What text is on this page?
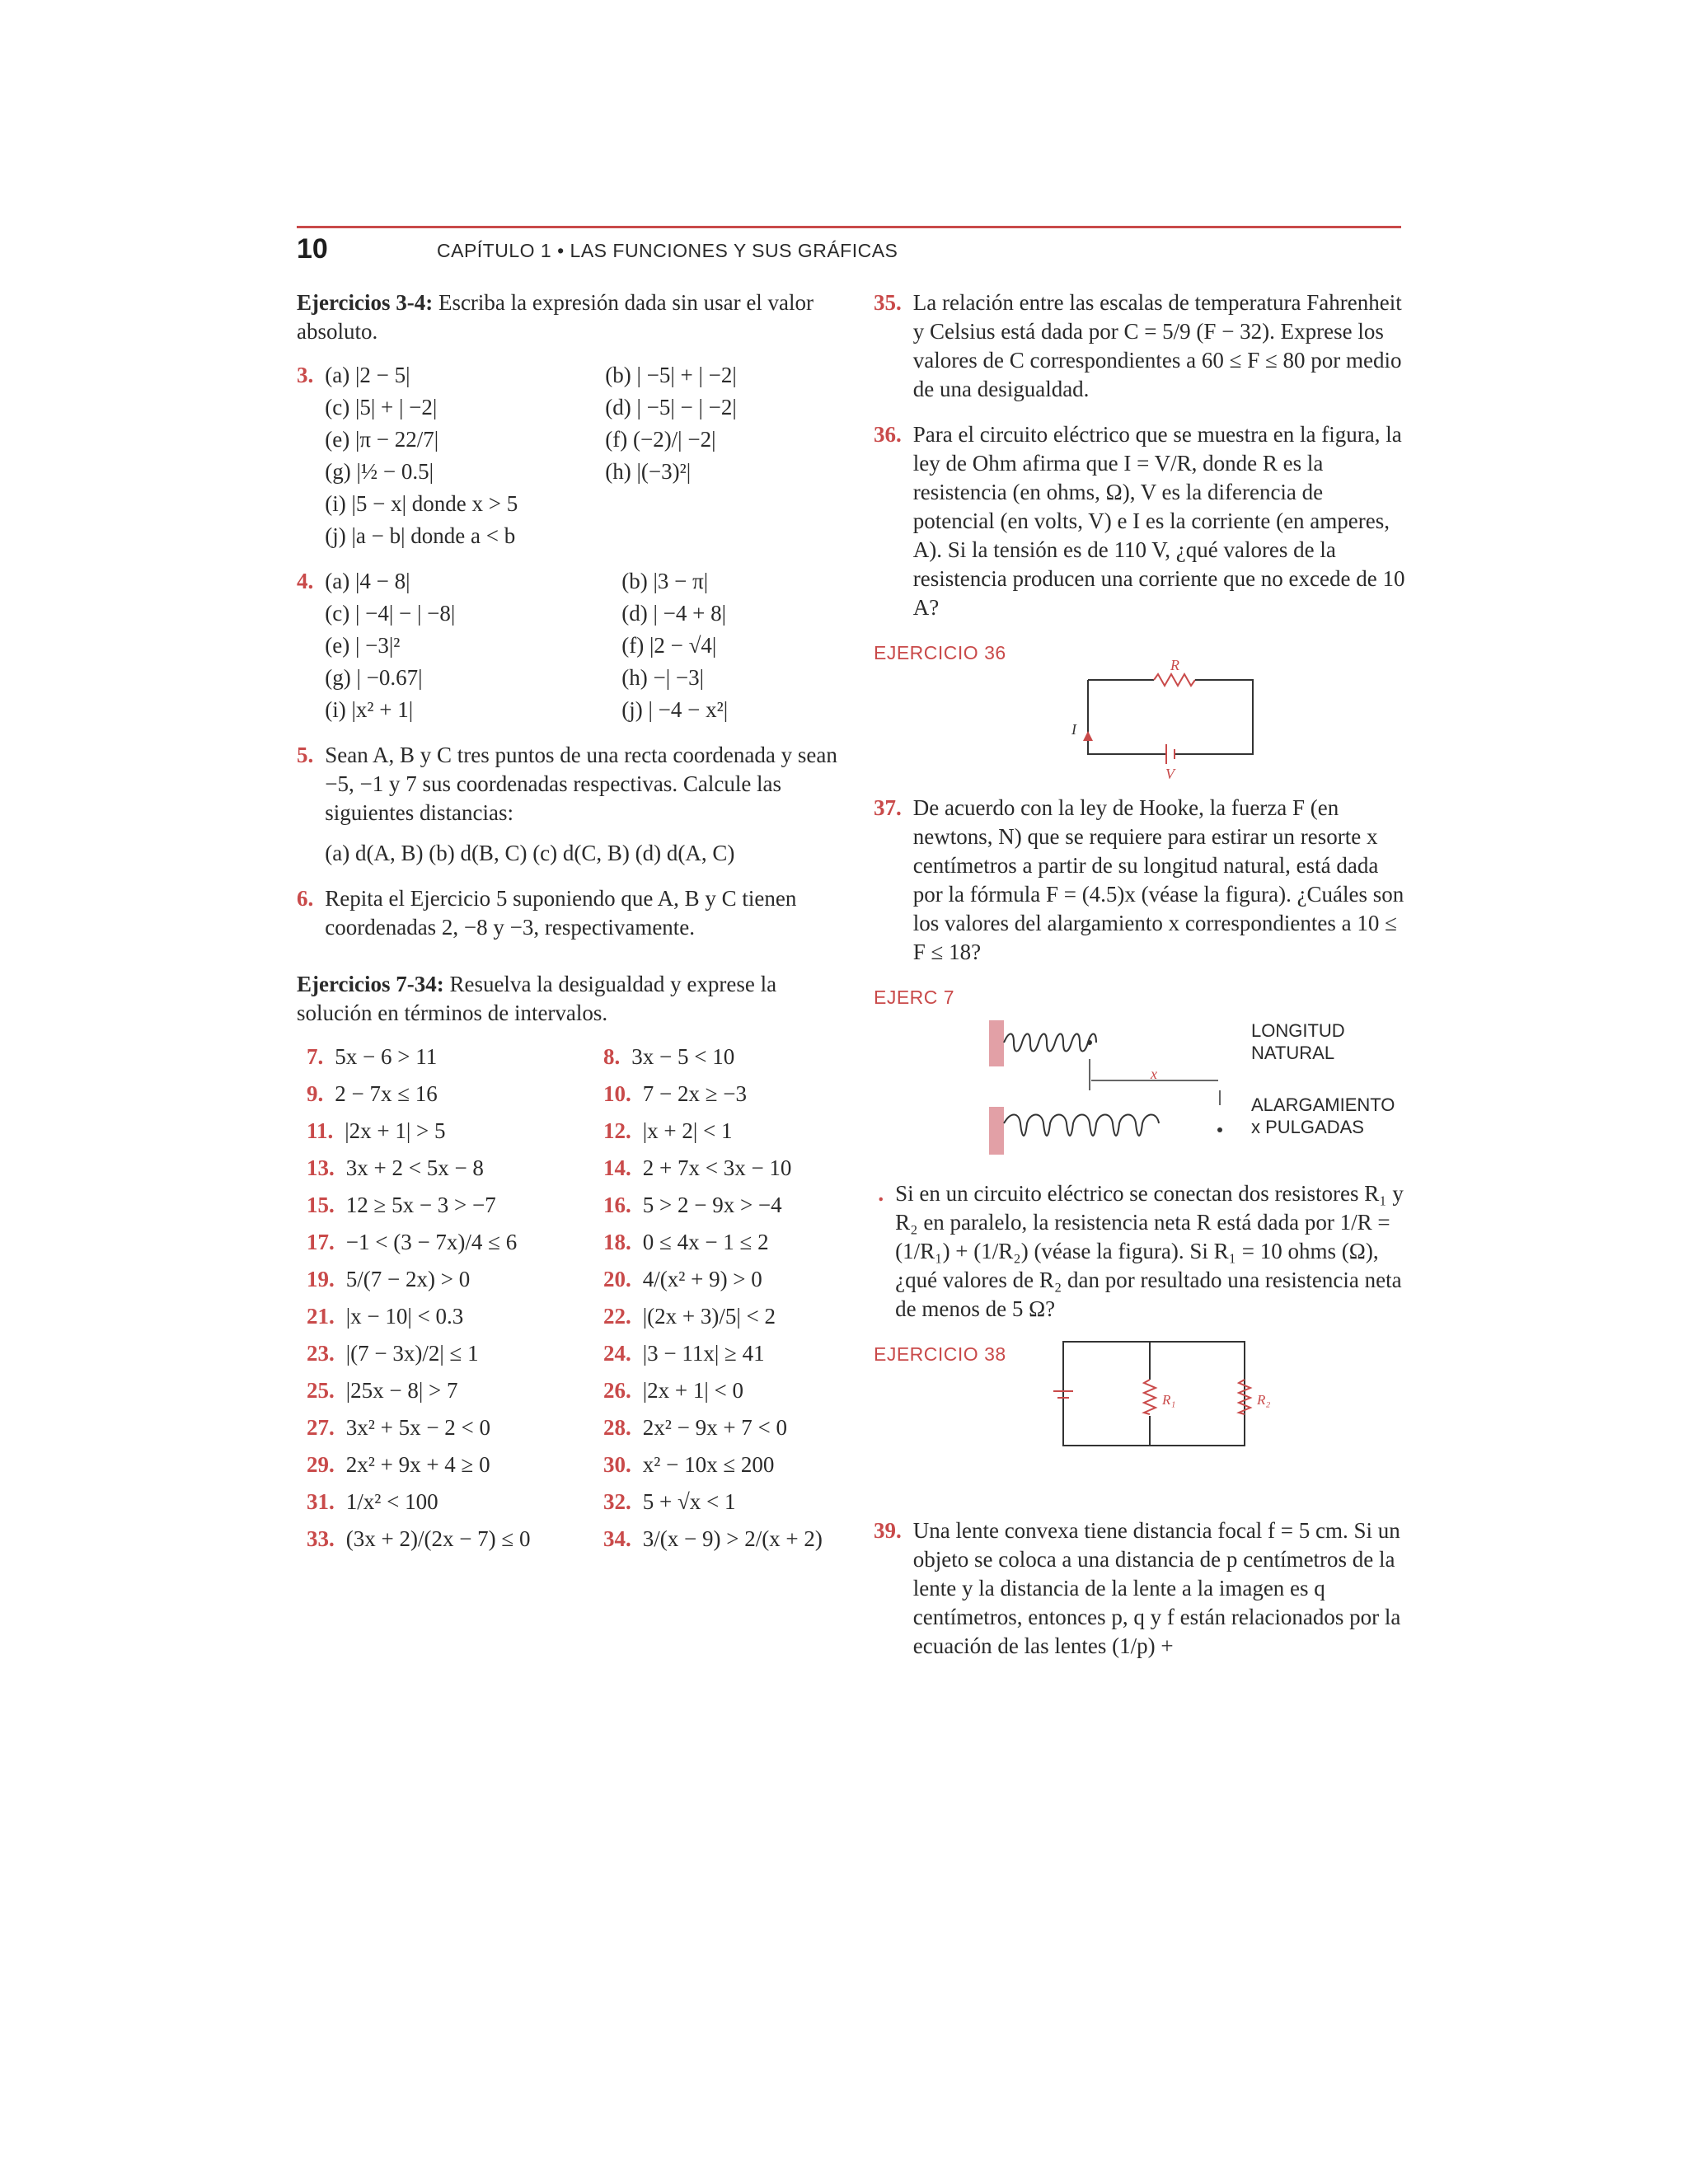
10	CAPÍTULO 1 • LAS FUNCIONES Y SUS GRÁFICAS
Ejercicios 3-4: Escriba la expresión dada sin usar el valor absoluto.
3. (a) |2 − 5|	(b) | −5| + | −2|
(c) |5| + | −2|	(d) | −5| − | −2|
(e) |π − 22/7|	(f) (−2)/| −2|
(g) |½ − 0.5|	(h) |(−3)²|
(i) |5 − x| donde x > 5
(j) |a − b| donde a < b
4. (a) |4 − 8|	(b) |3 − π|
(c) | −4| − | −8|	(d) | −4 + 8|
(e) | −3|²	(f) |2 − √4|
(g) | −0.67|	(h) −| −3|
(i) |x² + 1|	(j) | −4 − x²|
5. Sean A, B y C tres puntos de una recta coordenada y sean −5, −1 y 7 sus coordenadas respectivas. Calcule las siguientes distancias:
(a) d(A, B) (b) d(B, C) (c) d(C, B) (d) d(A, C)
6. Repita el Ejercicio 5 suponiendo que A, B y C tienen coordenadas 2, −8 y −3, respectivamente.
Ejercicios 7-34: Resuelva la desigualdad y exprese la solución en términos de intervalos.
7. 5x − 6 > 11	8. 3x − 5 < 10
9. 2 − 7x ≤ 16	10. 7 − 2x ≥ −3
11. |2x + 1| > 5	12. |x + 2| < 1
13. 3x + 2 < 5x − 8	14. 2 + 7x < 3x − 10
15. 12 ≥ 5x − 3 > −7	16. 5 > 2 − 9x > −4
17. −1 < (3 − 7x)/4 ≤ 6	18. 0 ≤ 4x − 1 ≤ 2
19. 5/(7 − 2x) > 0	20. 4/(x² + 9) > 0
21. |x − 10| < 0.3	22. |(2x + 3)/5| < 2
23. |(7 − 3x)/2| ≤ 1	24. |3 − 11x| ≥ 41
25. |25x − 8| > 7	26. |2x + 1| < 0
27. 3x² + 5x − 2 < 0	28. 2x² − 9x + 7 < 0
29. 2x² + 9x + 4 ≥ 0	30. x² − 10x ≤ 200
31. 1/x² < 100	32. 5 + √x < 1
33. (3x + 2)/(2x − 7) ≤ 0	34. 3/(x − 9) > 2/(x + 2)
35. La relación entre las escalas de temperatura Fahrenheit y Celsius está dada por C = 5/9 (F − 32). Exprese los valores de C correspondientes a 60 ≤ F ≤ 80 por medio de una desigualdad.
36. Para el circuito eléctrico que se muestra en la figura, la ley de Ohm afirma que I = V/R, donde R es la resistencia (en ohms, Ω), V es la diferencia de potencial (en volts, V) e I es la corriente (en amperes, A). Si la tensión es de 110 V, ¿qué valores de la resistencia producen una corriente que no excede de 10 A?
EJERCICIO 36
R
I
V
37. De acuerdo con la ley de Hooke, la fuerza F (en newtons, N) que se requiere para estirar un resorte x centímetros a partir de su longitud natural, está dada por la fórmula F = (4.5)x (véase la figura). ¿Cuáles son los valores del alargamiento x correspondientes a 10 ≤ F ≤ 18?
EJERC 7
x
LONGITUD
NATURAL
ALARGAMIENTO
x PULGADAS
 . Si en un circuito eléctrico se conectan dos resistores R₁ y R₂ en paralelo, la resistencia neta R está dada por 1/R = (1/R₁) + (1/R₂) (véase la figura). Si R₁ = 10 ohms (Ω), ¿qué valores de R₂ dan por resultado una resistencia neta de menos de 5 Ω?
EJERCICIO 38
R₁	R₂
39. Una lente convexa tiene distancia focal f = 5 cm. Si un objeto se coloca a una distancia de p centímetros de la lente y la distancia de la lente a la imagen es q centímetros, entonces p, q y f están relacionados por la ecuación de las lentes (1/p) +
